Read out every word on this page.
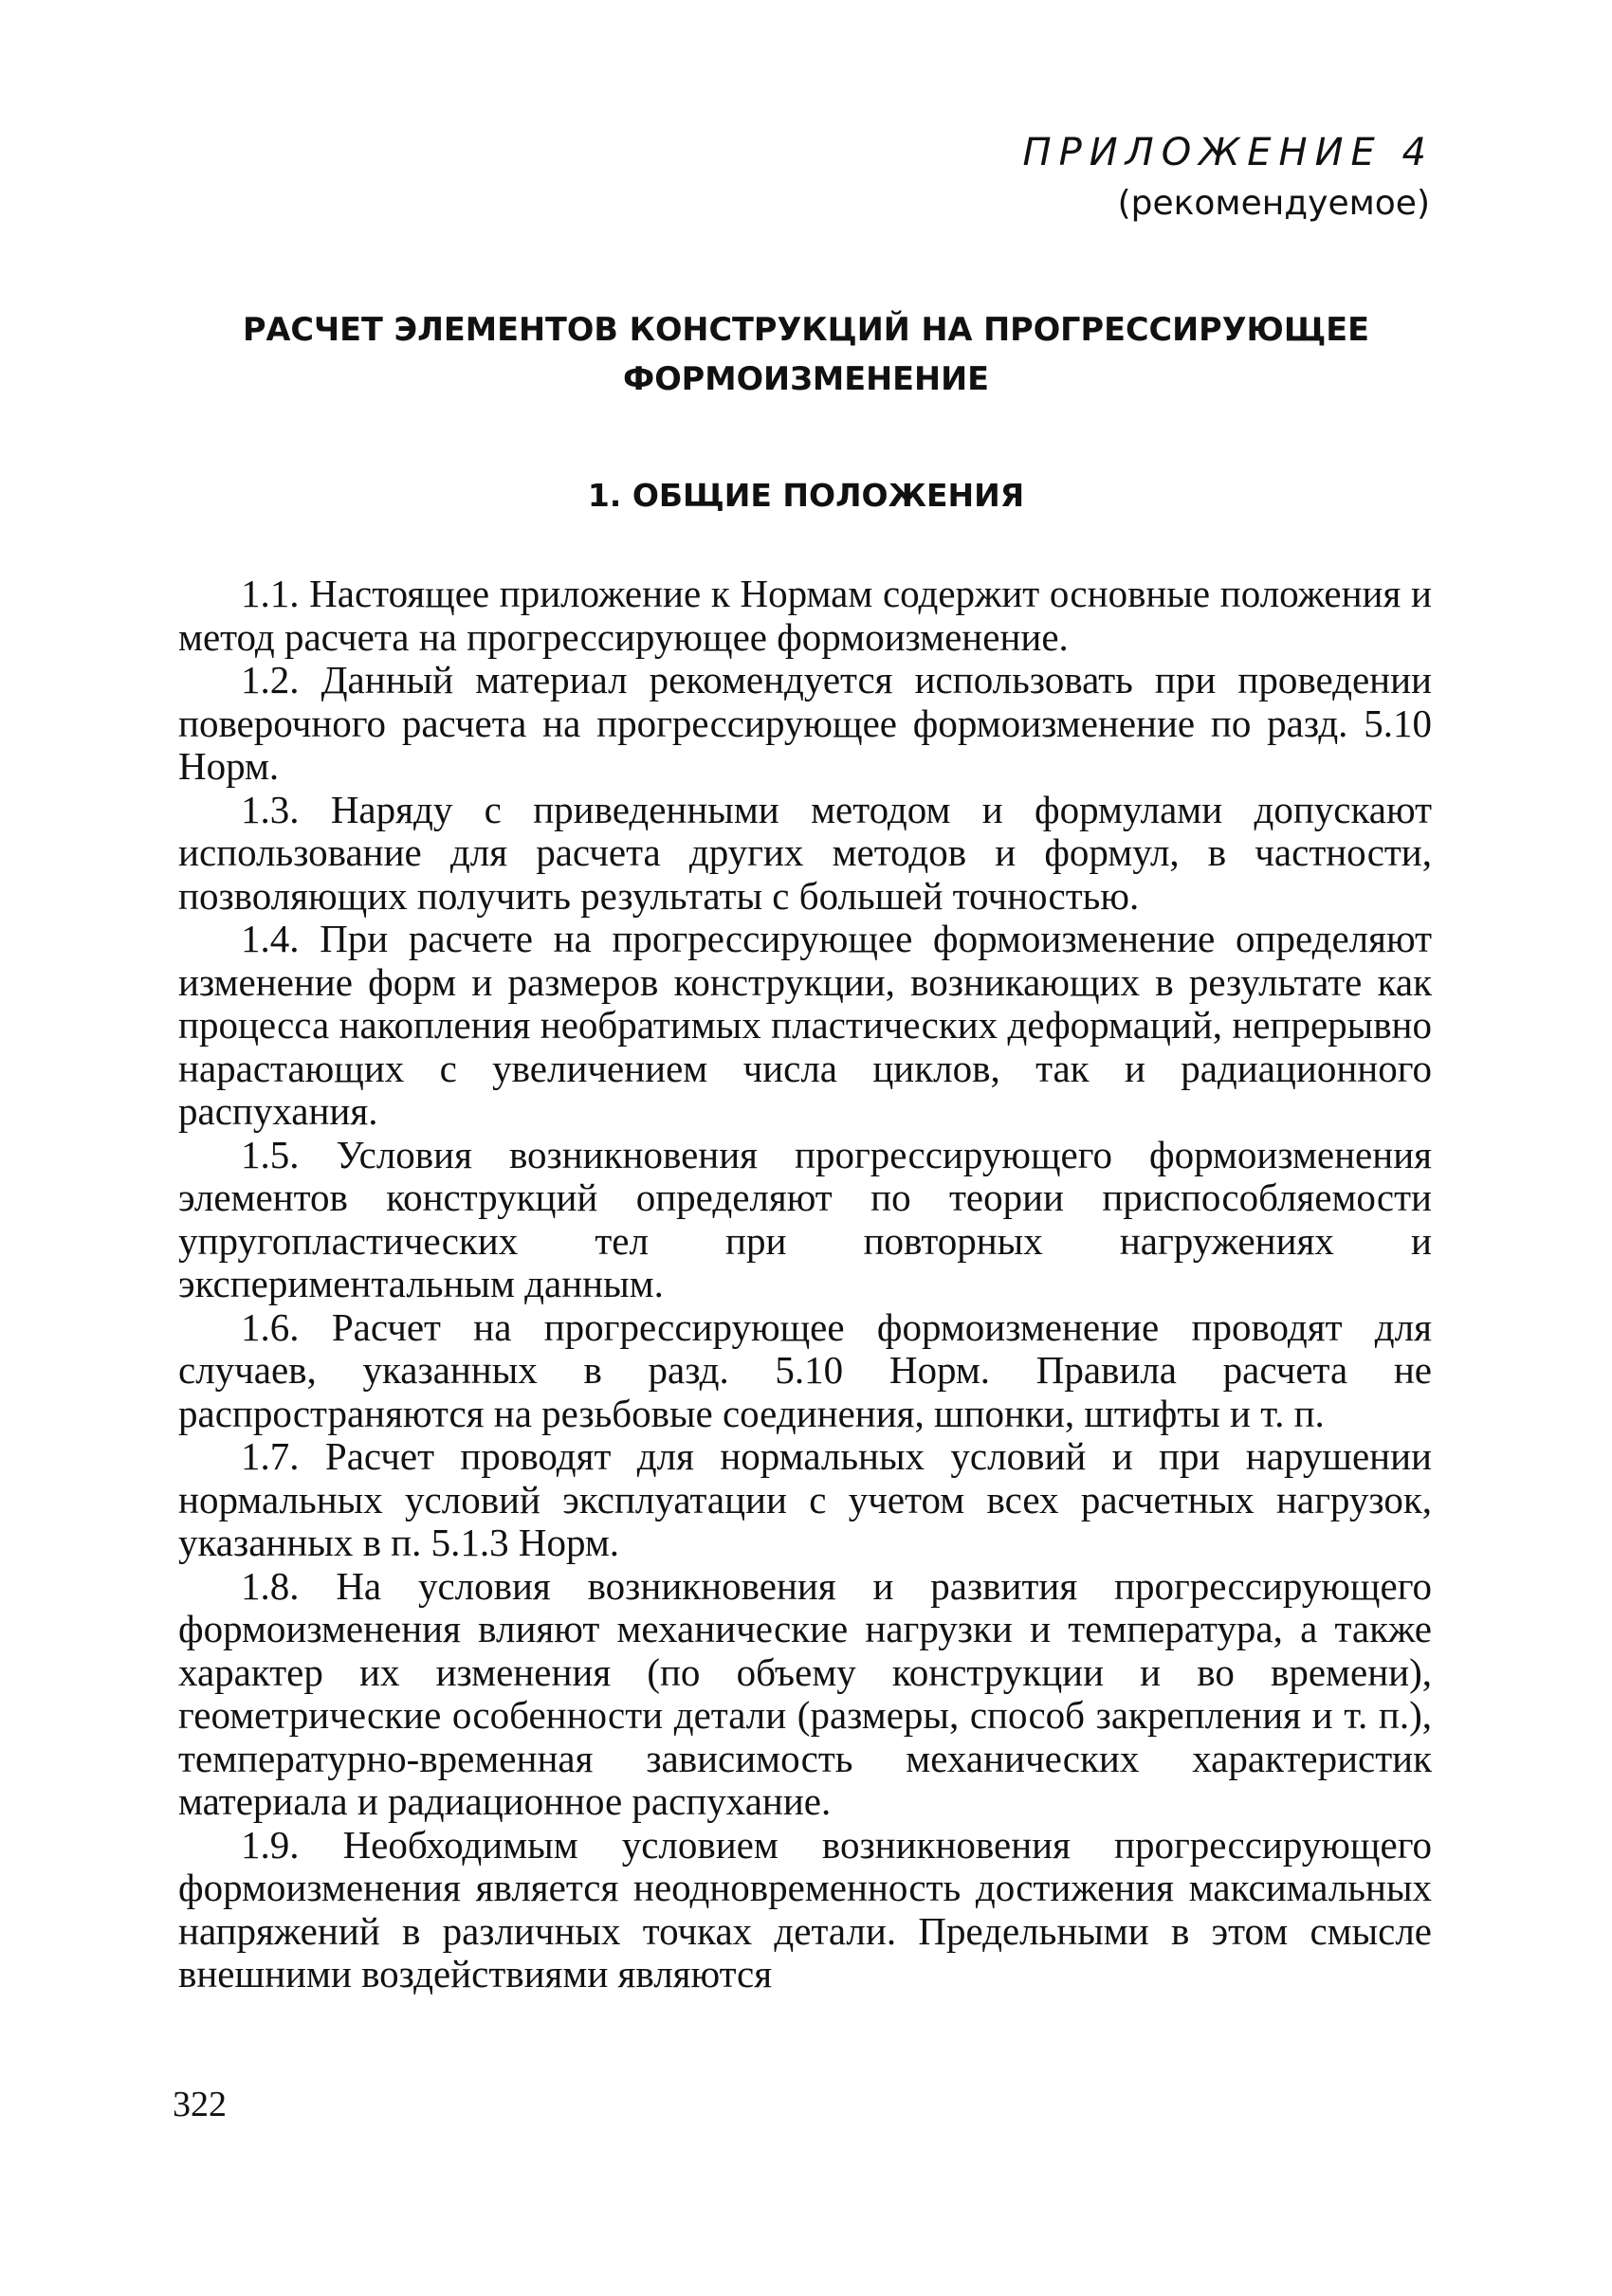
ПРИЛОЖЕНИЕ 4
(рекомендуемое)
РАСЧЕТ ЭЛЕМЕНТОВ КОНСТРУКЦИЙ НА ПРОГРЕССИРУЮЩЕЕ
ФОРМОИЗМЕНЕНИЕ
1. ОБЩИЕ ПОЛОЖЕНИЯ

1.1. Настоящее приложение к Нормам содержит основные положения и метод расчета на прогрессирующее формоизменение.

1.2. Данный материал рекомендуется использовать при проведении поверочного расчета на прогрессирующее формоизменение по разд. 5.10 Норм.

1.3. Наряду с приведенными методом и формулами допускают использование для расчета других методов и формул, в частности, позволяющих получить результаты с большей точностью.

1.4. При расчете на прогрессирующее формоизменение определяют изменение форм и размеров конструкции, возникающих в результате как процесса накопления необратимых пластических деформаций, непрерывно нарастающих с увеличением числа циклов, так и радиационного распухания.

1.5. Условия возникновения прогрессирующего формоизменения элементов конструкций определяют по теории приспособляемости упругопластических тел при повторных нагружениях и экспериментальным данным.

1.6. Расчет на прогрессирующее формоизменение проводят для случаев, указанных в разд. 5.10 Норм. Правила расчета не распространяются на резьбовые соединения, шпонки, штифты и т. п.

1.7. Расчет проводят для нормальных условий и при нарушении нормальных условий эксплуатации с учетом всех расчетных нагрузок, указанных в п. 5.1.3 Норм.

1.8. На условия возникновения и развития прогрессирующего формоизменения влияют механические нагрузки и температура, а также характер их изменения (по объему конструкции и во времени), геометрические особенности детали (размеры, способ закрепления и т. п.), температурно-временная зависимость механических характеристик материала и радиационное распухание.

1.9. Необходимым условием возникновения прогрессирующего формоизменения является неодновременность достижения максимальных напряжений в различных точках детали. Предельными в этом смысле внешними воздействиями являются

322
